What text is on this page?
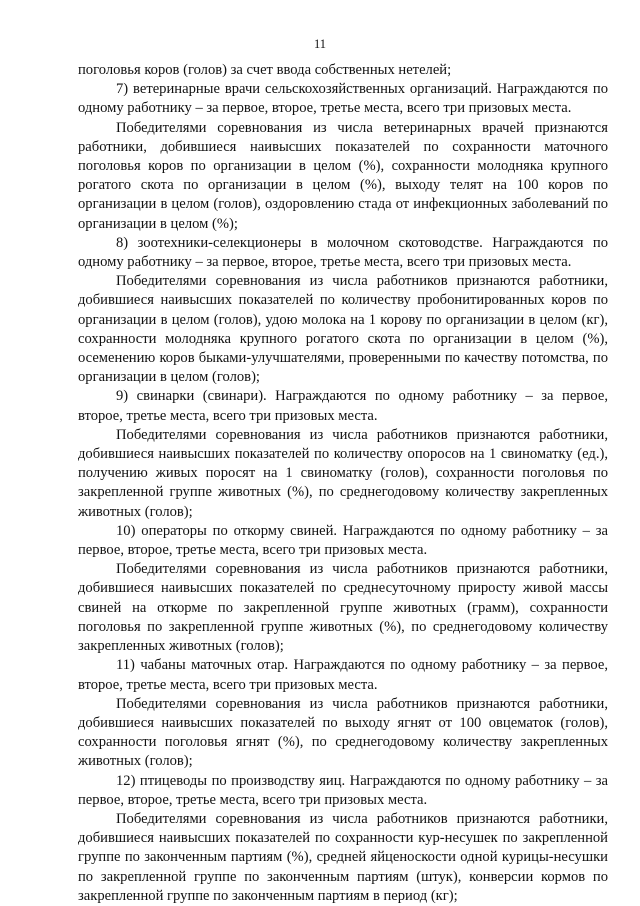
11

поголовья коров (голов) за счет ввода собственных нетелей;

7) ветеринарные врачи сельскохозяйственных организаций. Награждаются по одному работнику – за первое, второе, третье места, всего три призовых места.

Победителями соревнования из числа ветеринарных врачей признаются работники, добившиеся наивысших показателей по сохранности маточного поголовья коров по организации в целом (%), сохранности молодняка крупного рогатого скота по организации в целом (%), выходу телят на 100 коров по организации в целом (голов), оздоровлению стада от инфекционных заболеваний по организации в целом (%);

8) зоотехники-селекционеры в молочном скотоводстве. Награждаются по одному работнику – за первое, второе, третье места, всего три призовых места.

Победителями соревнования из числа работников признаются работники, добившиеся наивысших показателей по количеству пробонитированных коров по организации в целом (голов), удою молока на 1 корову по организации в целом (кг), сохранности молодняка крупного рогатого скота по организации в целом (%), осеменению коров быками-улучшателями, проверенными по качеству потомства, по организации в целом (голов);

9) свинарки (свинари). Награждаются по одному работнику – за первое, второе, третье места, всего три призовых места.

Победителями соревнования из числа работников признаются работники, добившиеся наивысших показателей по количеству опоросов на 1 свиноматку (ед.), получению живых поросят на 1 свиноматку (голов), сохранности поголовья по закрепленной группе животных (%), по среднегодовому количеству закрепленных животных (голов);

10) операторы по откорму свиней. Награждаются по одному работнику – за первое, второе, третье места, всего три призовых места.

Победителями соревнования из числа работников признаются работники, добившиеся наивысших показателей по среднесуточному приросту живой массы свиней на откорме по закрепленной группе животных (грамм), сохранности поголовья по закрепленной группе животных (%), по среднегодовому количеству закрепленных животных (голов);

11) чабаны маточных отар. Награждаются по одному работнику – за первое, второе, третье места, всего три призовых места.

Победителями соревнования из числа работников признаются работники, добившиеся наивысших показателей по выходу ягнят от 100 овцематок (голов), сохранности поголовья ягнят (%), по среднегодовому количеству закрепленных животных (голов);

12) птицеводы по производству яиц. Награждаются по одному работнику – за первое, второе, третье места, всего три призовых места.

Победителями соревнования из числа работников признаются работники, добившиеся наивысших показателей по сохранности кур-несушек по закрепленной группе по законченным партиям (%), средней яйценоскости одной курицы-несушки по закрепленной группе по законченным партиям (штук), конверсии кормов по закрепленной группе по законченным партиям в период (кг);
